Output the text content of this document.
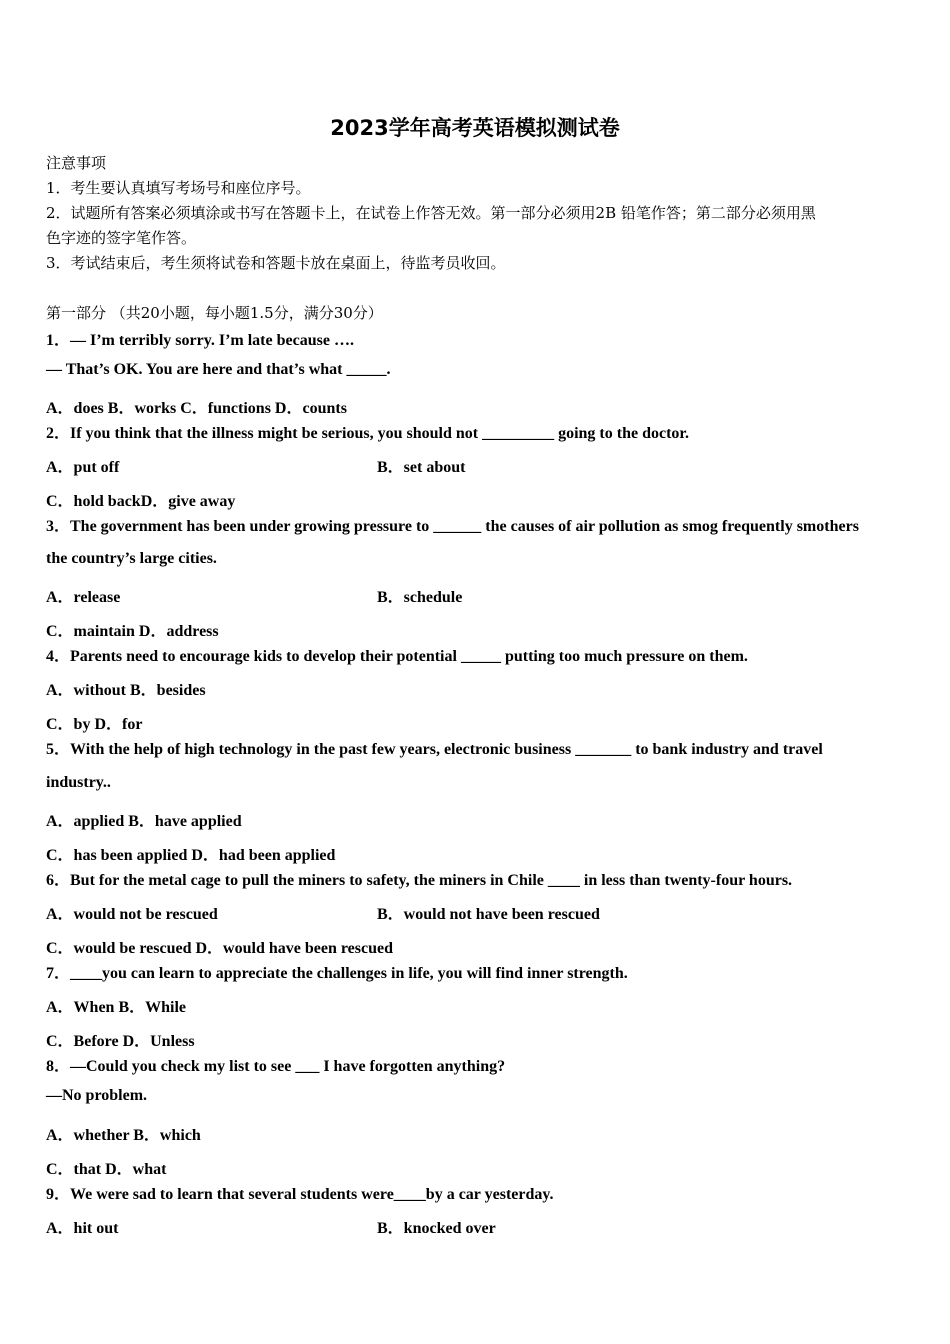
2023学年高考英语模拟测试卷
注意事项
1．考生要认真填写考场号和座位序号。
2．试题所有答案必须填涂或书写在答题卡上，在试卷上作答无效。第一部分必须用2B 铅笔作答；第二部分必须用黑
色字迹的签字笔作答。
3．考试结束后，考生须将试卷和答题卡放在桌面上，待监考员收回。
第一部分 （共20小题，每小题1.5分，满分30分）
1．— I’m terribly sorry. I’m late because ….
— That’s OK. You are here and that’s what _____.
A．does B．works C．functions D．counts
2．If you think that the illness might be serious, you should not _________ going to the doctor.
A．put off	B．set about
C．hold backD．give away
3．The government has been under growing pressure to ______ the causes of air pollution as smog frequently smothers
the country’s large cities.
A．release	B．schedule
C．maintain D．address
4．Parents need to encourage kids to develop their potential _____ putting too much pressure on them.
A．without B．besides
C．by D．for
5．With the help of high technology in the past few years, electronic business _______ to bank industry and travel
industry..
A．applied B．have applied
C．has been applied D．had been applied
6．But for the metal cage to pull the miners to safety, the miners in Chile ____ in less than twenty-four hours.
A．would not be rescued	B．would not have been rescued
C．would be rescued D．would have been rescued
7．____you can learn to appreciate the challenges in life, you will find inner strength.
A．When B．While
C．Before D．Unless
8．—Could you check my list to see ___ I have forgotten anything?
—No problem.
A．whether B．which
C．that D．what
9．We were sad to learn that several students were____by a car yesterday.
A．hit out	B．knocked over
